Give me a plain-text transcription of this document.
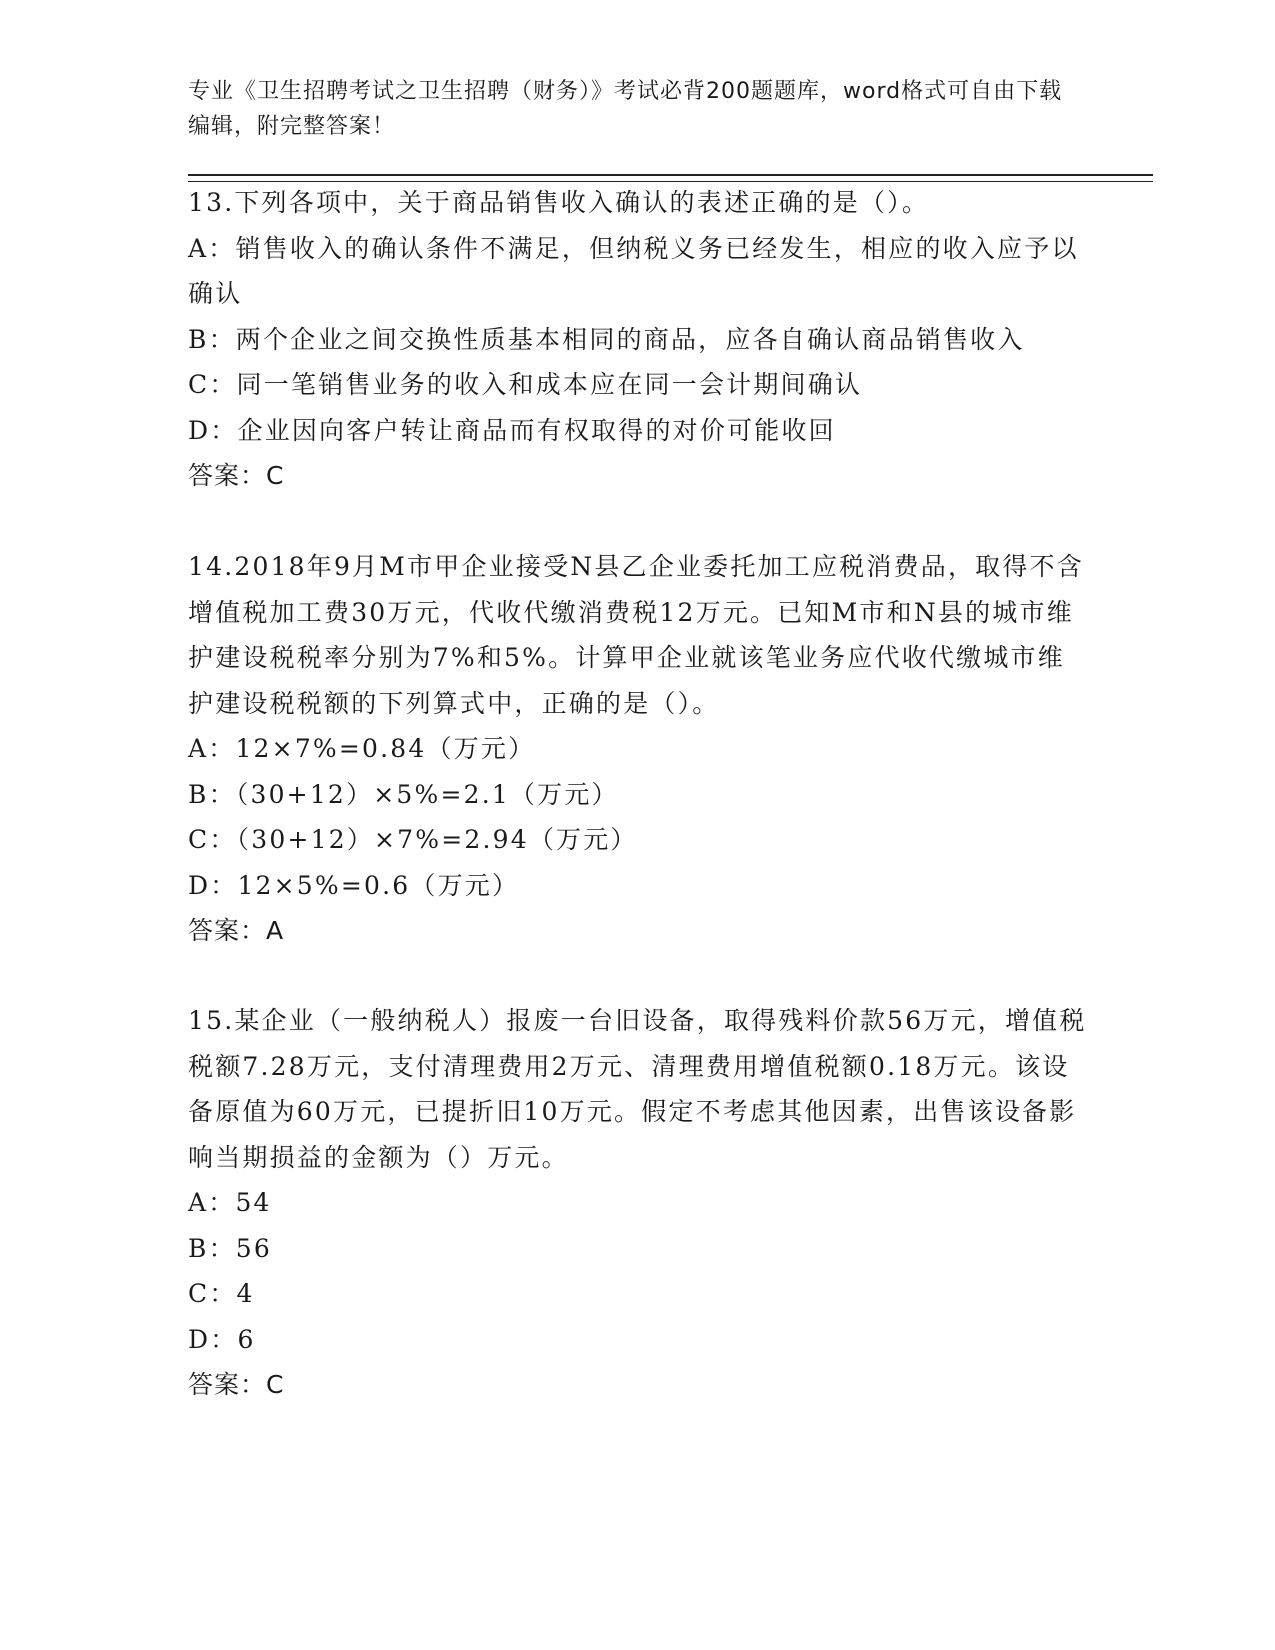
专业《卫生招聘考试之卫生招聘（财务）》考试必背200题题库，word格式可自由下载编辑，附完整答案！

13.下列各项中，关于商品销售收入确认的表述正确的是（）。

A：销售收入的确认条件不满足，但纳税义务已经发生，相应的收入应予以确认

B：两个企业之间交换性质基本相同的商品，应各自确认商品销售收入

C：同一笔销售业务的收入和成本应在同一会计期间确认

D：企业因向客户转让商品而有权取得的对价可能收回

答案：C

14.2018年9月M市甲企业接受N县乙企业委托加工应税消费品，取得不含增值税加工费30万元，代收代缴消费税12万元。已知M市和N县的城市维护建设税税率分别为7%和5%。计算甲企业就该笔业务应代收代缴城市维护建设税税额的下列算式中，正确的是（）。

A：12×7%=0.84（万元）

B：（30+12）×5%=2.1（万元）

C：（30+12）×7%=2.94（万元）

D：12×5%=0.6（万元）

答案：A

15.某企业（一般纳税人）报废一台旧设备，取得残料价款56万元，增值税税额7.28万元，支付清理费用2万元、清理费用增值税额0.18万元。该设备原值为60万元，已提折旧10万元。假定不考虑其他因素，出售该设备影响当期损益的金额为（）万元。

A：54

B：56

C：4

D：6

答案：C
